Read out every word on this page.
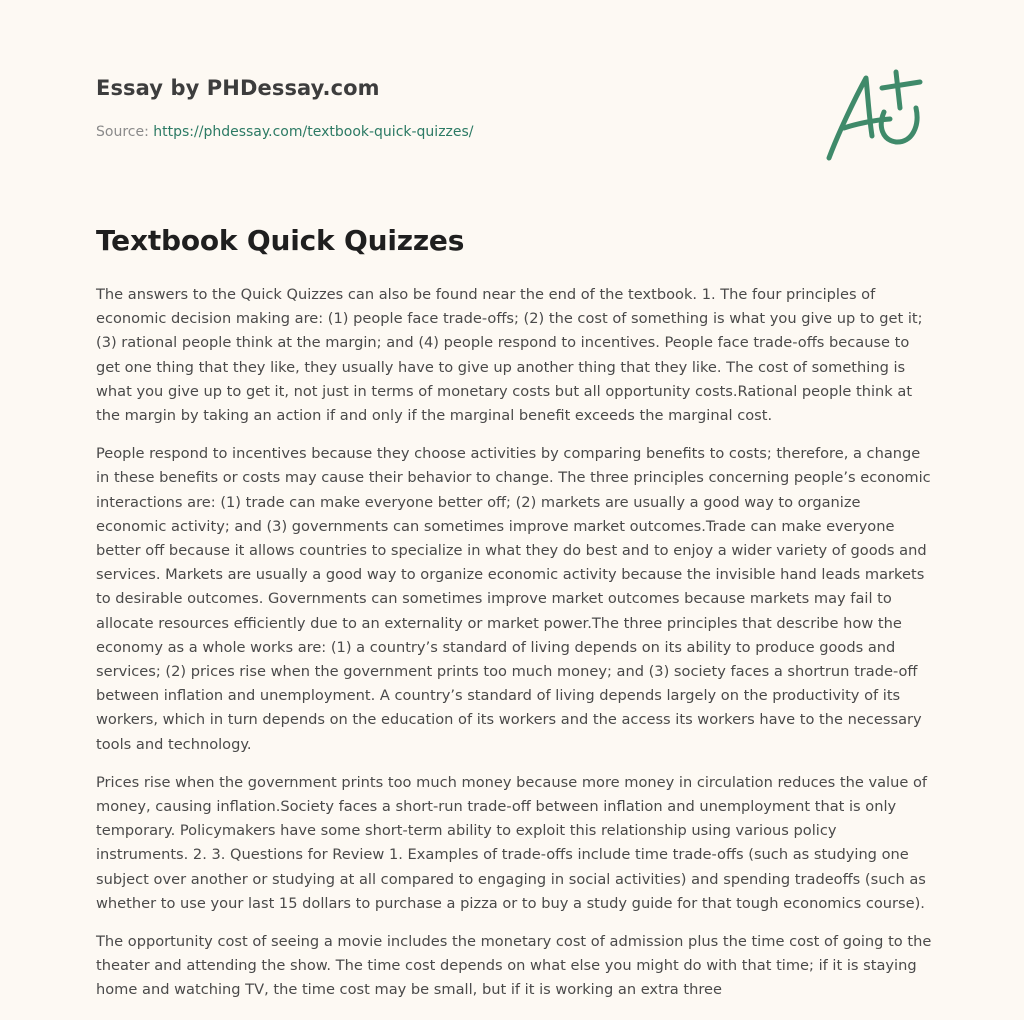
Essay by PHDessay.com
Source: https://phdessay.com/textbook-quick-quizzes/
Textbook Quick Quizzes

The answers to the Quick Quizzes can also be found near the end of the textbook. 1. The four principles of economic decision making are: (1) people face trade-offs; (2) the cost of something is what you give up to get it; (3) rational people think at the margin; and (4) people respond to incentives. People face trade-offs because to get one thing that they like, they usually have to give up another thing that they like. The cost of something is what you give up to get it, not just in terms of monetary costs but all opportunity costs.Rational people think at the margin by taking an action if and only if the marginal benefit exceeds the marginal cost.

People respond to incentives because they choose activities by comparing benefits to costs; therefore, a change in these benefits or costs may cause their behavior to change. The three principles concerning people’s economic interactions are: (1) trade can make everyone better off; (2) markets are usually a good way to organize economic activity; and (3) governments can sometimes improve market outcomes.Trade can make everyone better off because it allows countries to specialize in what they do best and to enjoy a wider variety of goods and services. Markets are usually a good way to organize economic activity because the invisible hand leads markets to desirable outcomes. Governments can sometimes improve market outcomes because markets may fail to allocate resources efficiently due to an externality or market power.The three principles that describe how the economy as a whole works are: (1) a country’s standard of living depends on its ability to produce goods and services; (2) prices rise when the government prints too much money; and (3) society faces a shortrun trade-off between inflation and unemployment. A country’s standard of living depends largely on the productivity of its workers, which in turn depends on the education of its workers and the access its workers have to the necessary tools and technology.

Prices rise when the government prints too much money because more money in circulation reduces the value of money, causing inflation.Society faces a short-run trade-off between inflation and unemployment that is only temporary. Policymakers have some short-term ability to exploit this relationship using various policy instruments. 2. 3. Questions for Review 1. Examples of trade-offs include time trade-offs (such as studying one subject over another or studying at all compared to engaging in social activities) and spending tradeoffs (such as whether to use your last 15 dollars to purchase a pizza or to buy a study guide for that tough economics course).

The opportunity cost of seeing a movie includes the monetary cost of admission plus the time cost of going to the theater and attending the show. The time cost depends on what else you might do with that time; if it is staying home and watching TV, the time cost may be small, but if it is working an extra three
